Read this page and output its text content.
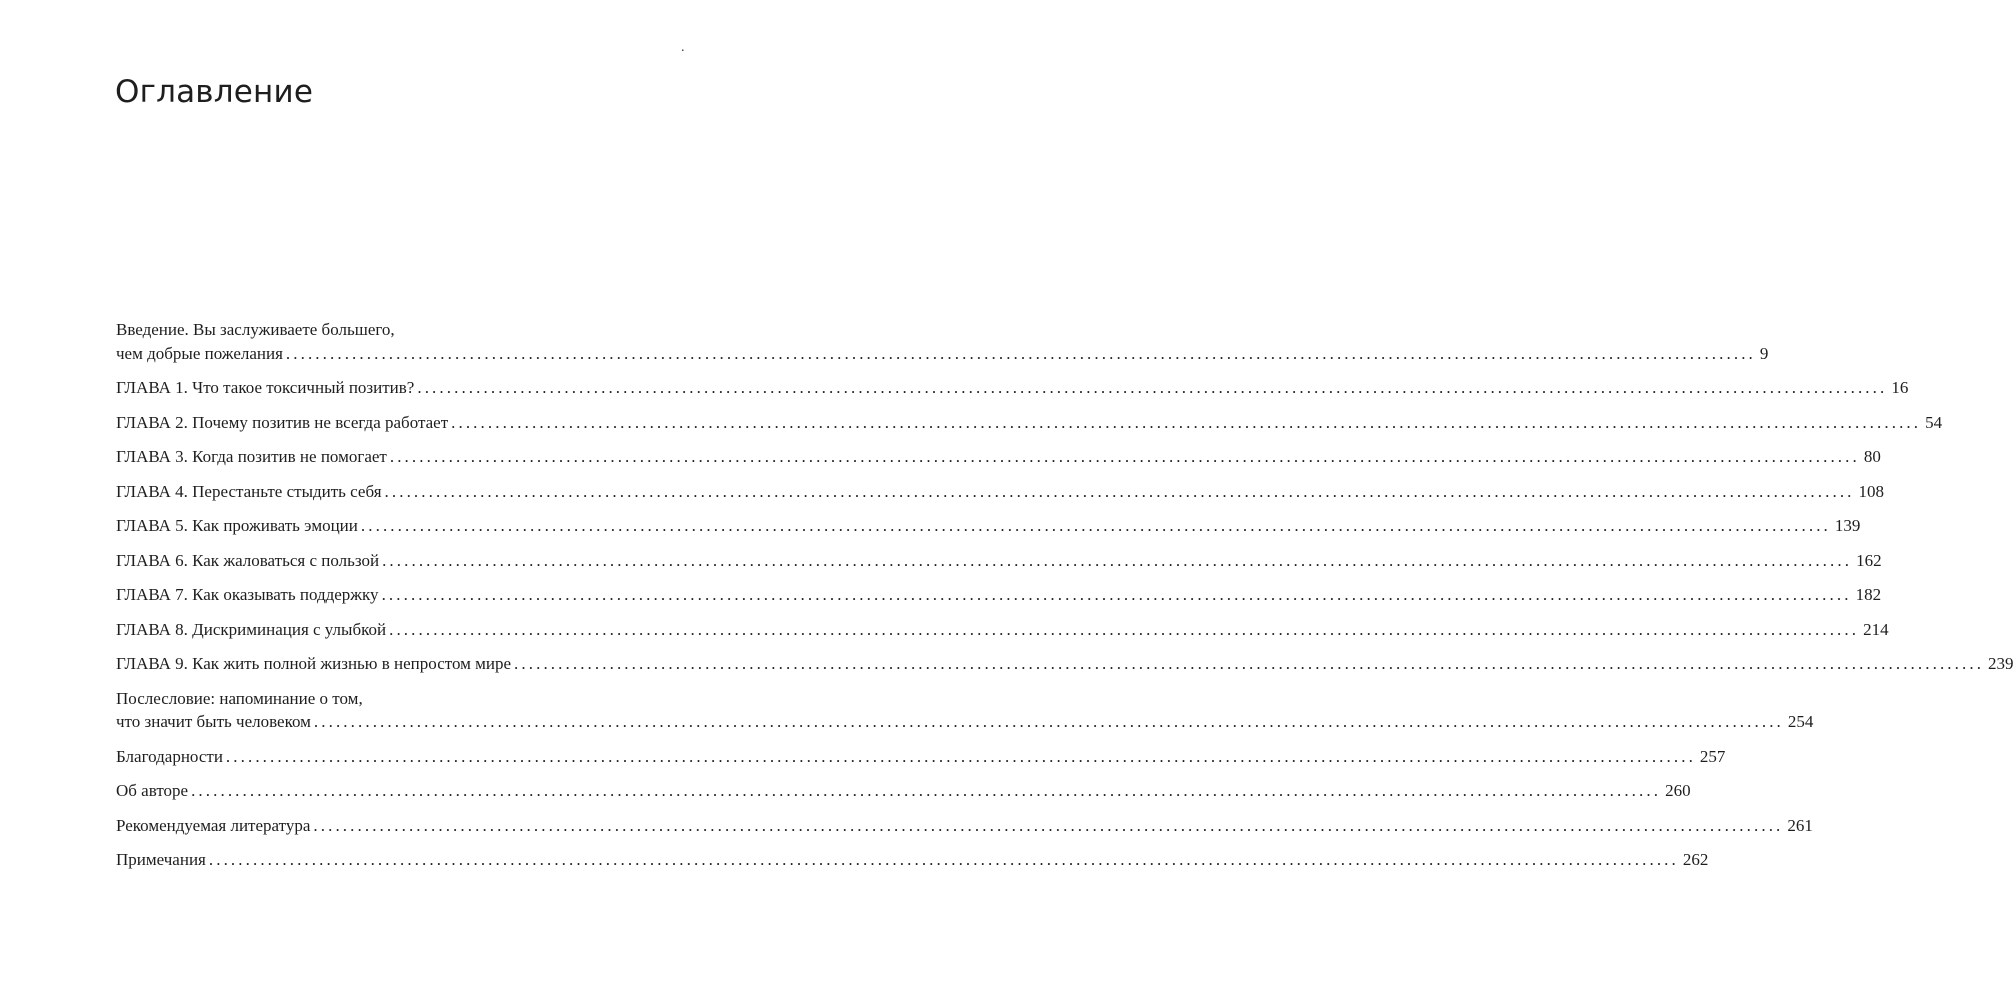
.
Оглавление
Введение. Вы заслуживаете большего,
чем добрые пожелания ........................................................................................................................................................................................................ 9
ГЛАВА 1. Что такое токсичный позитив? ........................................................................................................................................................................................................ 16
ГЛАВА 2. Почему позитив не всегда работает ........................................................................................................................................................................................................ 54
ГЛАВА 3. Когда позитив не помогает ........................................................................................................................................................................................................ 80
ГЛАВА 4. Перестаньте стыдить себя ........................................................................................................................................................................................................ 108
ГЛАВА 5. Как проживать эмоции ........................................................................................................................................................................................................ 139
ГЛАВА 6. Как жаловаться с пользой ........................................................................................................................................................................................................ 162
ГЛАВА 7. Как оказывать поддержку ........................................................................................................................................................................................................ 182
ГЛАВА 8. Дискриминация с улыбкой ........................................................................................................................................................................................................ 214
ГЛАВА 9. Как жить полной жизнью в непростом мире ........................................................................................................................................................................................................ 239
Послесловие: напоминание о том,
что значит быть человеком ........................................................................................................................................................................................................ 254
Благодарности ........................................................................................................................................................................................................ 257
Об авторе ........................................................................................................................................................................................................ 260
Рекомендуемая литература ........................................................................................................................................................................................................ 261
Примечания ........................................................................................................................................................................................................ 262
